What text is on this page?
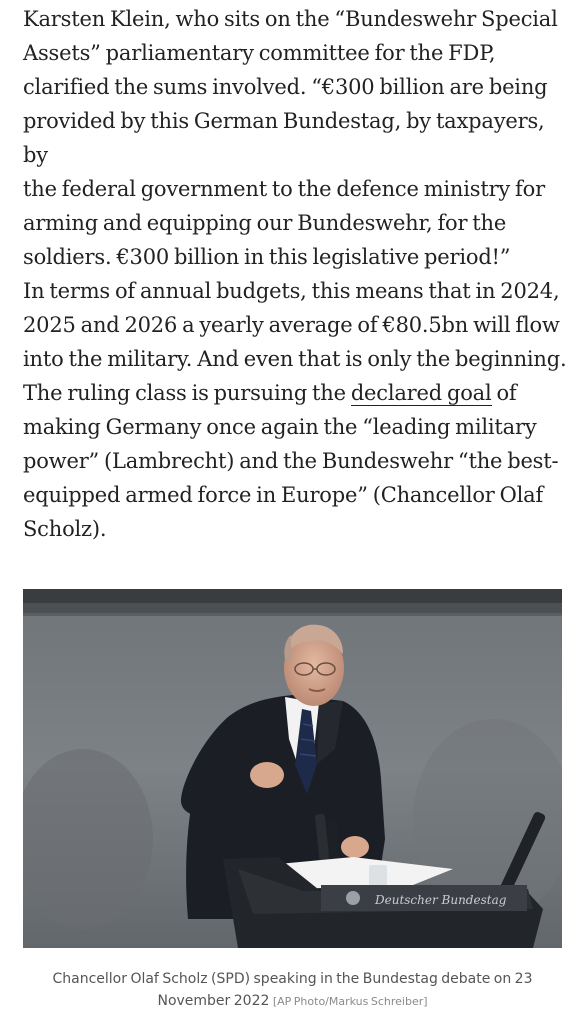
Karsten Klein, who sits on the “Bundeswehr Special
Assets” parliamentary committee for the FDP,
clarified the sums involved. “€300 billion are being
provided by this German Bundestag, by taxpayers, by
the federal government to the defence ministry for
arming and equipping our Bundeswehr, for the
soldiers. €300 billion in this legislative period!”

In terms of annual budgets, this means that in 2024,
2025 and 2026 a yearly average of €80.5bn will flow
into the military. And even that is only the beginning.
The ruling class is pursuing the declared goal of
making Germany once again the “leading military
power” (Lambrecht) and the Bundeswehr “the best-
equipped armed force in Europe” (Chancellor Olaf
Scholz).

Deutscher Bundestag
Chancellor Olaf Scholz (SPD) speaking in the Bundestag debate on 23 November 2022 [AP Photo/Markus Schreiber]
